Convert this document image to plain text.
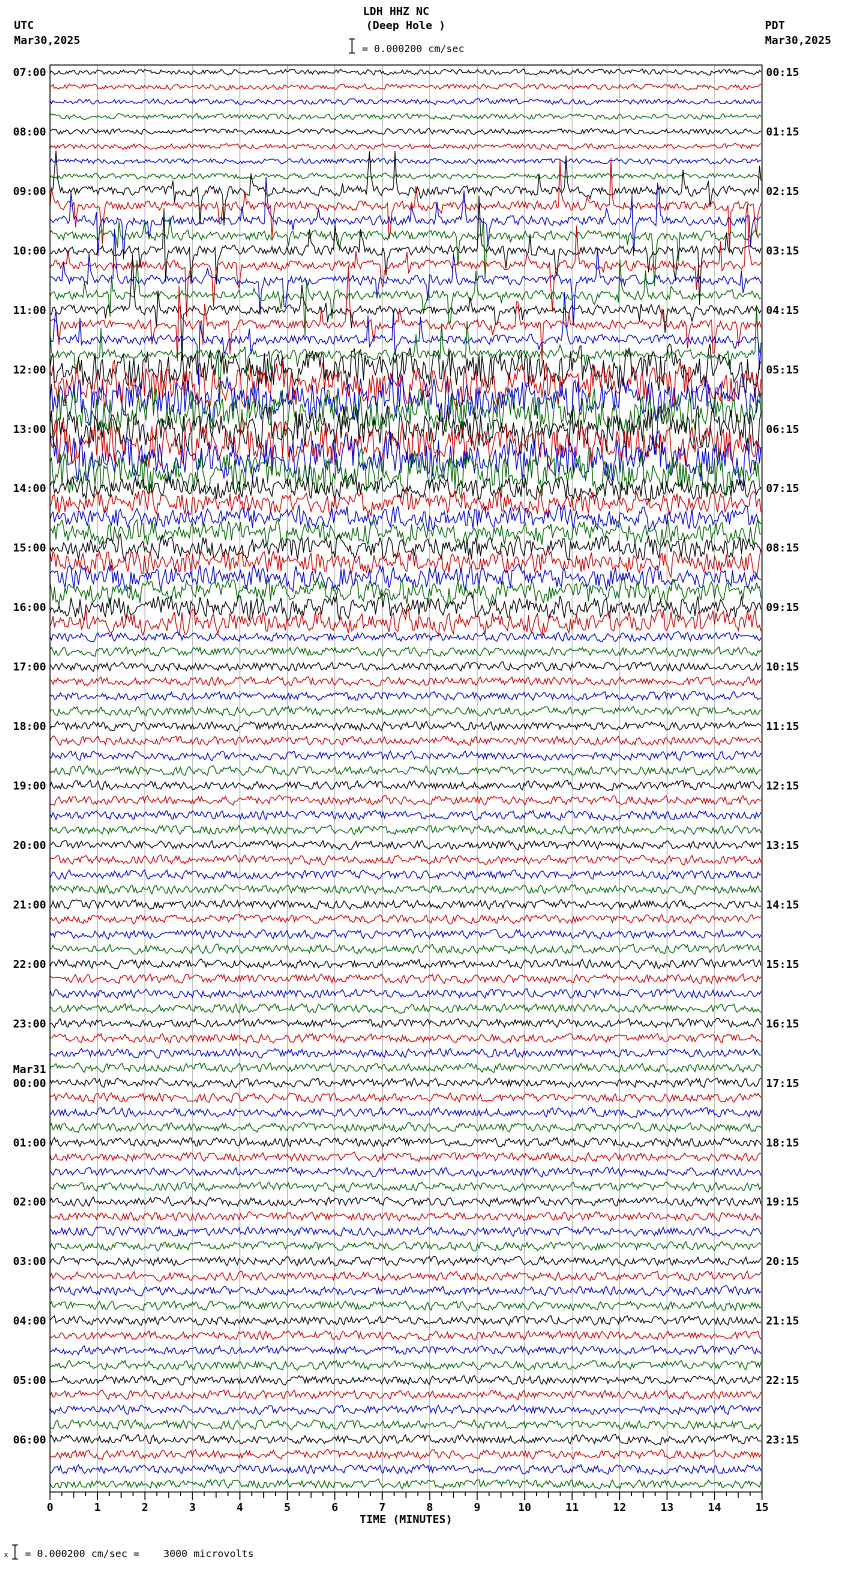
LDH HHZ NC
(Deep Hole )
UTC
Mar30,2025
PDT
Mar30,2025
= 0.000200 cm/sec
0	1	2	3	4	5	6	7	8	9	10	11	12	13	14	15
TIME (MINUTES)
07:00
08:00
09:00
10:00
11:00
12:00
13:00
14:00
15:00
16:00
17:00
18:00
19:00
20:00
21:00
22:00
23:00
00:00
Mar31
01:00
02:00
03:00
04:00
05:00
06:00
00:15
01:15
02:15
03:15
04:15
05:15
06:15
07:15
08:15
09:15
10:15
11:15
12:15
13:15
14:15
15:15
16:15
17:15
18:15
19:15
20:15
21:15
22:15
23:15
x = 0.000200 cm/sec =    3000 microvolts
